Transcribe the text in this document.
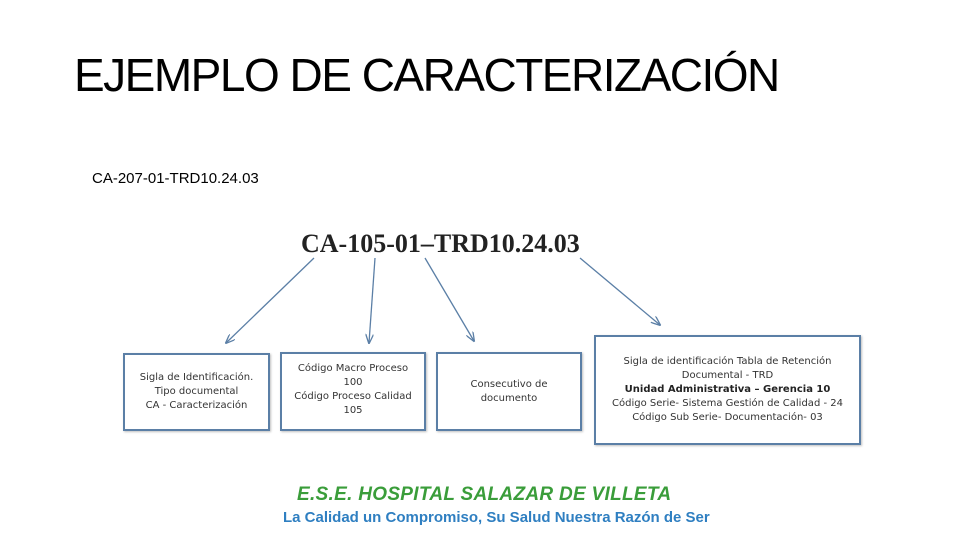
EJEMPLO DE CARACTERIZACIÓN
CA-207-01-TRD10.24.03
CA-105-01–TRD10.24.03
Sigla de Identificación.
Tipo documental
CA - Caracterización
Código Macro Proceso
100
Código Proceso Calidad
105
Consecutivo de
documento
Sigla de identificación Tabla de Retención
Documental - TRD
Unidad Administrativa – Gerencia 10
Código Serie- Sistema Gestión de Calidad - 24
Código Sub Serie- Documentación- 03
E.S.E. HOSPITAL SALAZAR DE VILLETA
La Calidad un Compromiso, Su Salud Nuestra Razón de Ser
